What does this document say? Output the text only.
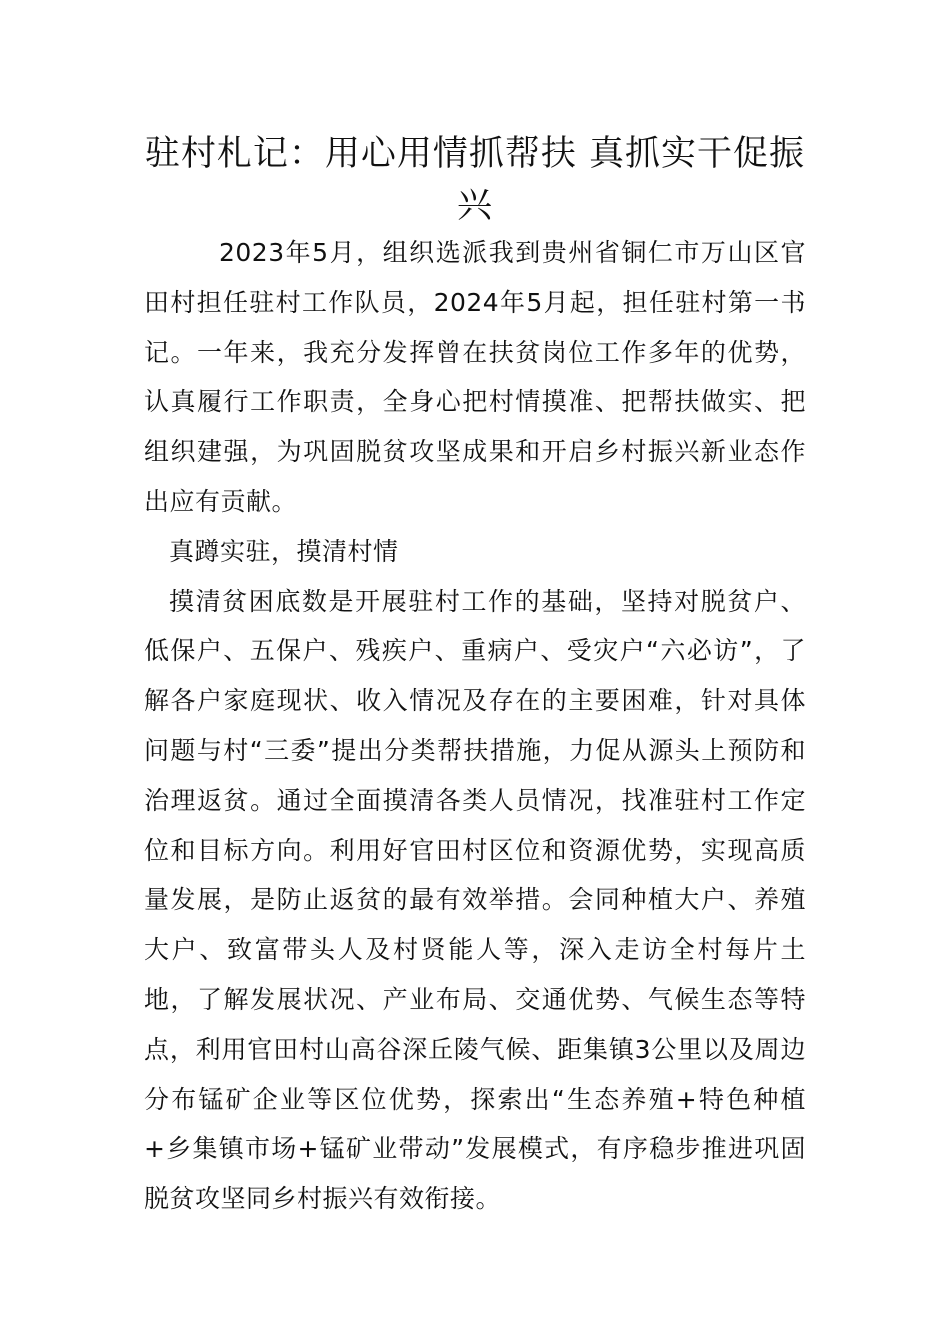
驻村札记：用心用情抓帮扶 真抓实干促振兴

2023年5月，组织选派我到贵州省铜仁市万山区官田村担任驻村工作队员，2024年5月起，担任驻村第一书记。一年来，我充分发挥曾在扶贫岗位工作多年的优势，认真履行工作职责，全身心把村情摸准、把帮扶做实、把组织建强，为巩固脱贫攻坚成果和开启乡村振兴新业态作出应有贡献。

真蹲实驻，摸清村情

摸清贫困底数是开展驻村工作的基础，坚持对脱贫户、低保户、五保户、残疾户、重病户、受灾户“六必访”，了解各户家庭现状、收入情况及存在的主要困难，针对具体问题与村“三委”提出分类帮扶措施，力促从源头上预防和治理返贫。通过全面摸清各类人员情况，找准驻村工作定位和目标方向。利用好官田村区位和资源优势，实现高质量发展，是防止返贫的最有效举措。会同种植大户、养殖大户、致富带头人及村贤能人等，深入走访全村每片土地，了解发展状况、产业布局、交通优势、气候生态等特点，利用官田村山高谷深丘陵气候、距集镇3公里以及周边分布锰矿企业等区位优势，探索出“生态养殖+特色种植+乡集镇市场+锰矿业带动”发展模式，有序稳步推进巩固脱贫攻坚同乡村振兴有效衔接。
